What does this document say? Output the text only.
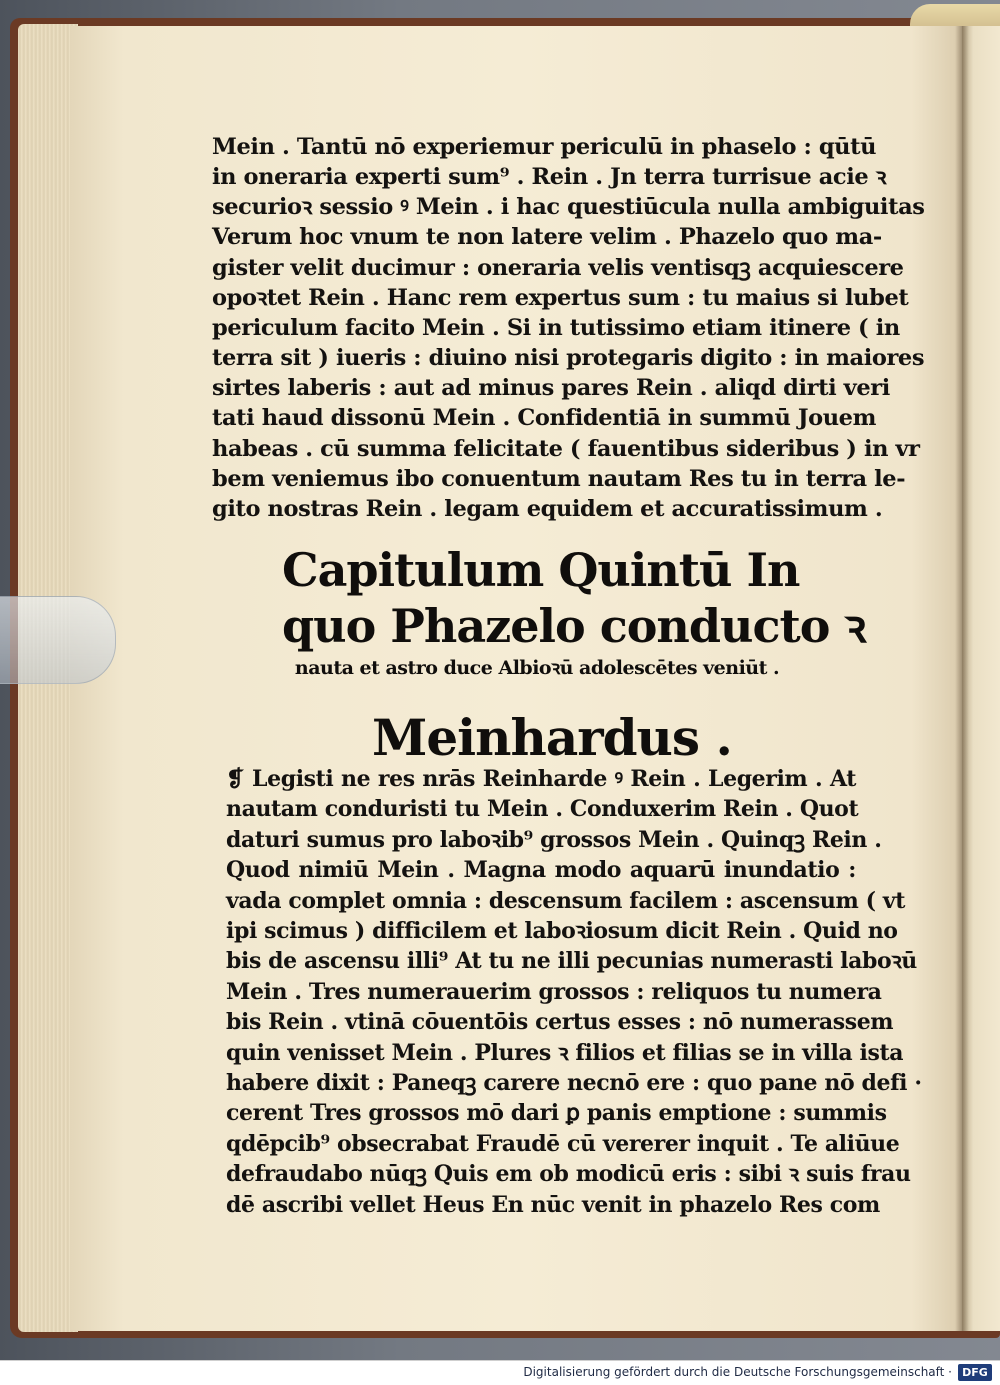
Mein . Tantū nō experiemur periculū in phaselo : qūtū
in oneraria experti sum⁹ . Rein . Jn terra turrisue acie ꝛ
securioꝛ sessio ꝰ Mein . i hac questiūcula nulla ambiguitas
Verum hoc vnum te non latere velim . Phazelo quo ma-
gister velit ducimur : oneraria velis ventisqꝫ acquiescere
opoꝛtet Rein . Hanc rem expertus sum : tu maius si lubet
periculum facito Mein . Si in tutissimo etiam itinere ( in
terra sit ) iueris : diuino nisi protegaris digito : in maiores
sirtes laberis : aut ad minus pares Rein . aliqd dirti veri
tati haud dissonū Mein . Confidentiā in summū Jouem
habeas . cū summa felicitate ( fauentibus sideribus ) in vr
bem veniemus ibo conuentum nautam Res tu in terra le-
gito nostras Rein . legam equidem et accuratissimum .
Capitulum Quintū In
quo Phazelo conducto ꝛ
nauta et astro duce Albioꝛū adolescētes veniūt .
Meinhardus .
❡ Legisti ne res nrās Reinharde ꝰ Rein . Legerim . At
nautam conduristi tu Mein . Conduxerim Rein . Quot
daturi sumus pro laboꝛib⁹ grossos Mein . Quinqꝫ Rein .
Quod nimiū Mein . Magna modo aquarū inundatio :
vada complet omnia : descensum facilem : ascensum ( vt
ipi scimus ) difficilem et laboꝛiosum dicit Rein . Quid no
bis de ascensu illi⁹ At tu ne illi pecunias numerasti laboꝛū
Mein . Tres numerauerim grossos : reliquos tu numera
bis Rein . vtinā cōuentōis certus esses : nō numerassem
quin venisset Mein . Plures ꝛ filios et filias se in villa ista
habere dixit : Paneqꝫ carere necnō ere : quo pane nō defi ·
cerent Tres grossos mō dari ꝑ panis emptione : summis
qdēpcib⁹ obsecrabat Fraudē cū vererer inquit . Te aliūue
defraudabo nūqꝫ Quis em ob modicū eris : sibi ꝛ suis frau
dē ascribi vellet Heus En nūc venit in phazelo Res com
Digitalisierung gefördert durch die Deutsche Forschungsgemeinschaft · DFG
